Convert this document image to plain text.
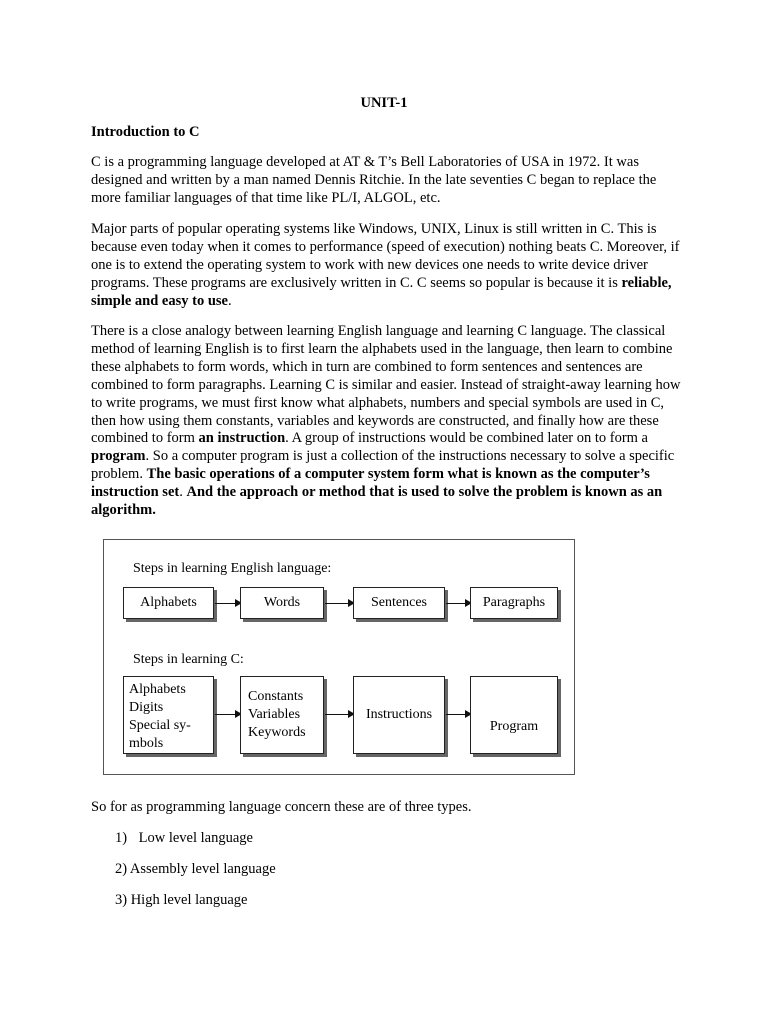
UNIT-1
Introduction to C

C is a programming language developed at AT & T’s Bell Laboratories of USA in 1972. It was designed and written by a man named Dennis Ritchie. In the late seventies C began to replace the more familiar languages of that time like PL/I, ALGOL, etc.

Major parts of popular operating systems like Windows, UNIX, Linux is still written in C. This is because even today when it comes to performance (speed of execution) nothing beats C. Moreover, if one is to extend the operating system to work with new devices one needs to write device driver programs. These programs are exclusively written in C. C seems so popular is because it is reliable, simple and easy to use.

There is a close analogy between learning English language and learning C language. The classical method of learning English is to first learn the alphabets used in the language, then learn to combine these alphabets to form words, which in turn are combined to form sentences and sentences are combined to form paragraphs. Learning C is similar and easier. Instead of straight-away learning how to write programs, we must first know what alphabets, numbers and special symbols are used in C, then how using them constants, variables and keywords are constructed, and finally how are these combined to form an instruction. A group of instructions would be combined later on to form a program. So a computer program is just a collection of the instructions necessary to solve a specific problem. The basic operations of a computer system form what is known as the computer’s instruction set. And the approach or method that is used to solve the problem is known as an algorithm.

Steps in learning English language:
Alphabets	Words	Sentences	Paragraphs
Steps in learning C:
Alphabets
Digits
Special sy-
mbols
Constants
Variables
Keywords
Instructions
Program
So for as programming language concern these are of three types.
1) Low level language
2) Assembly level language
3) High level language
